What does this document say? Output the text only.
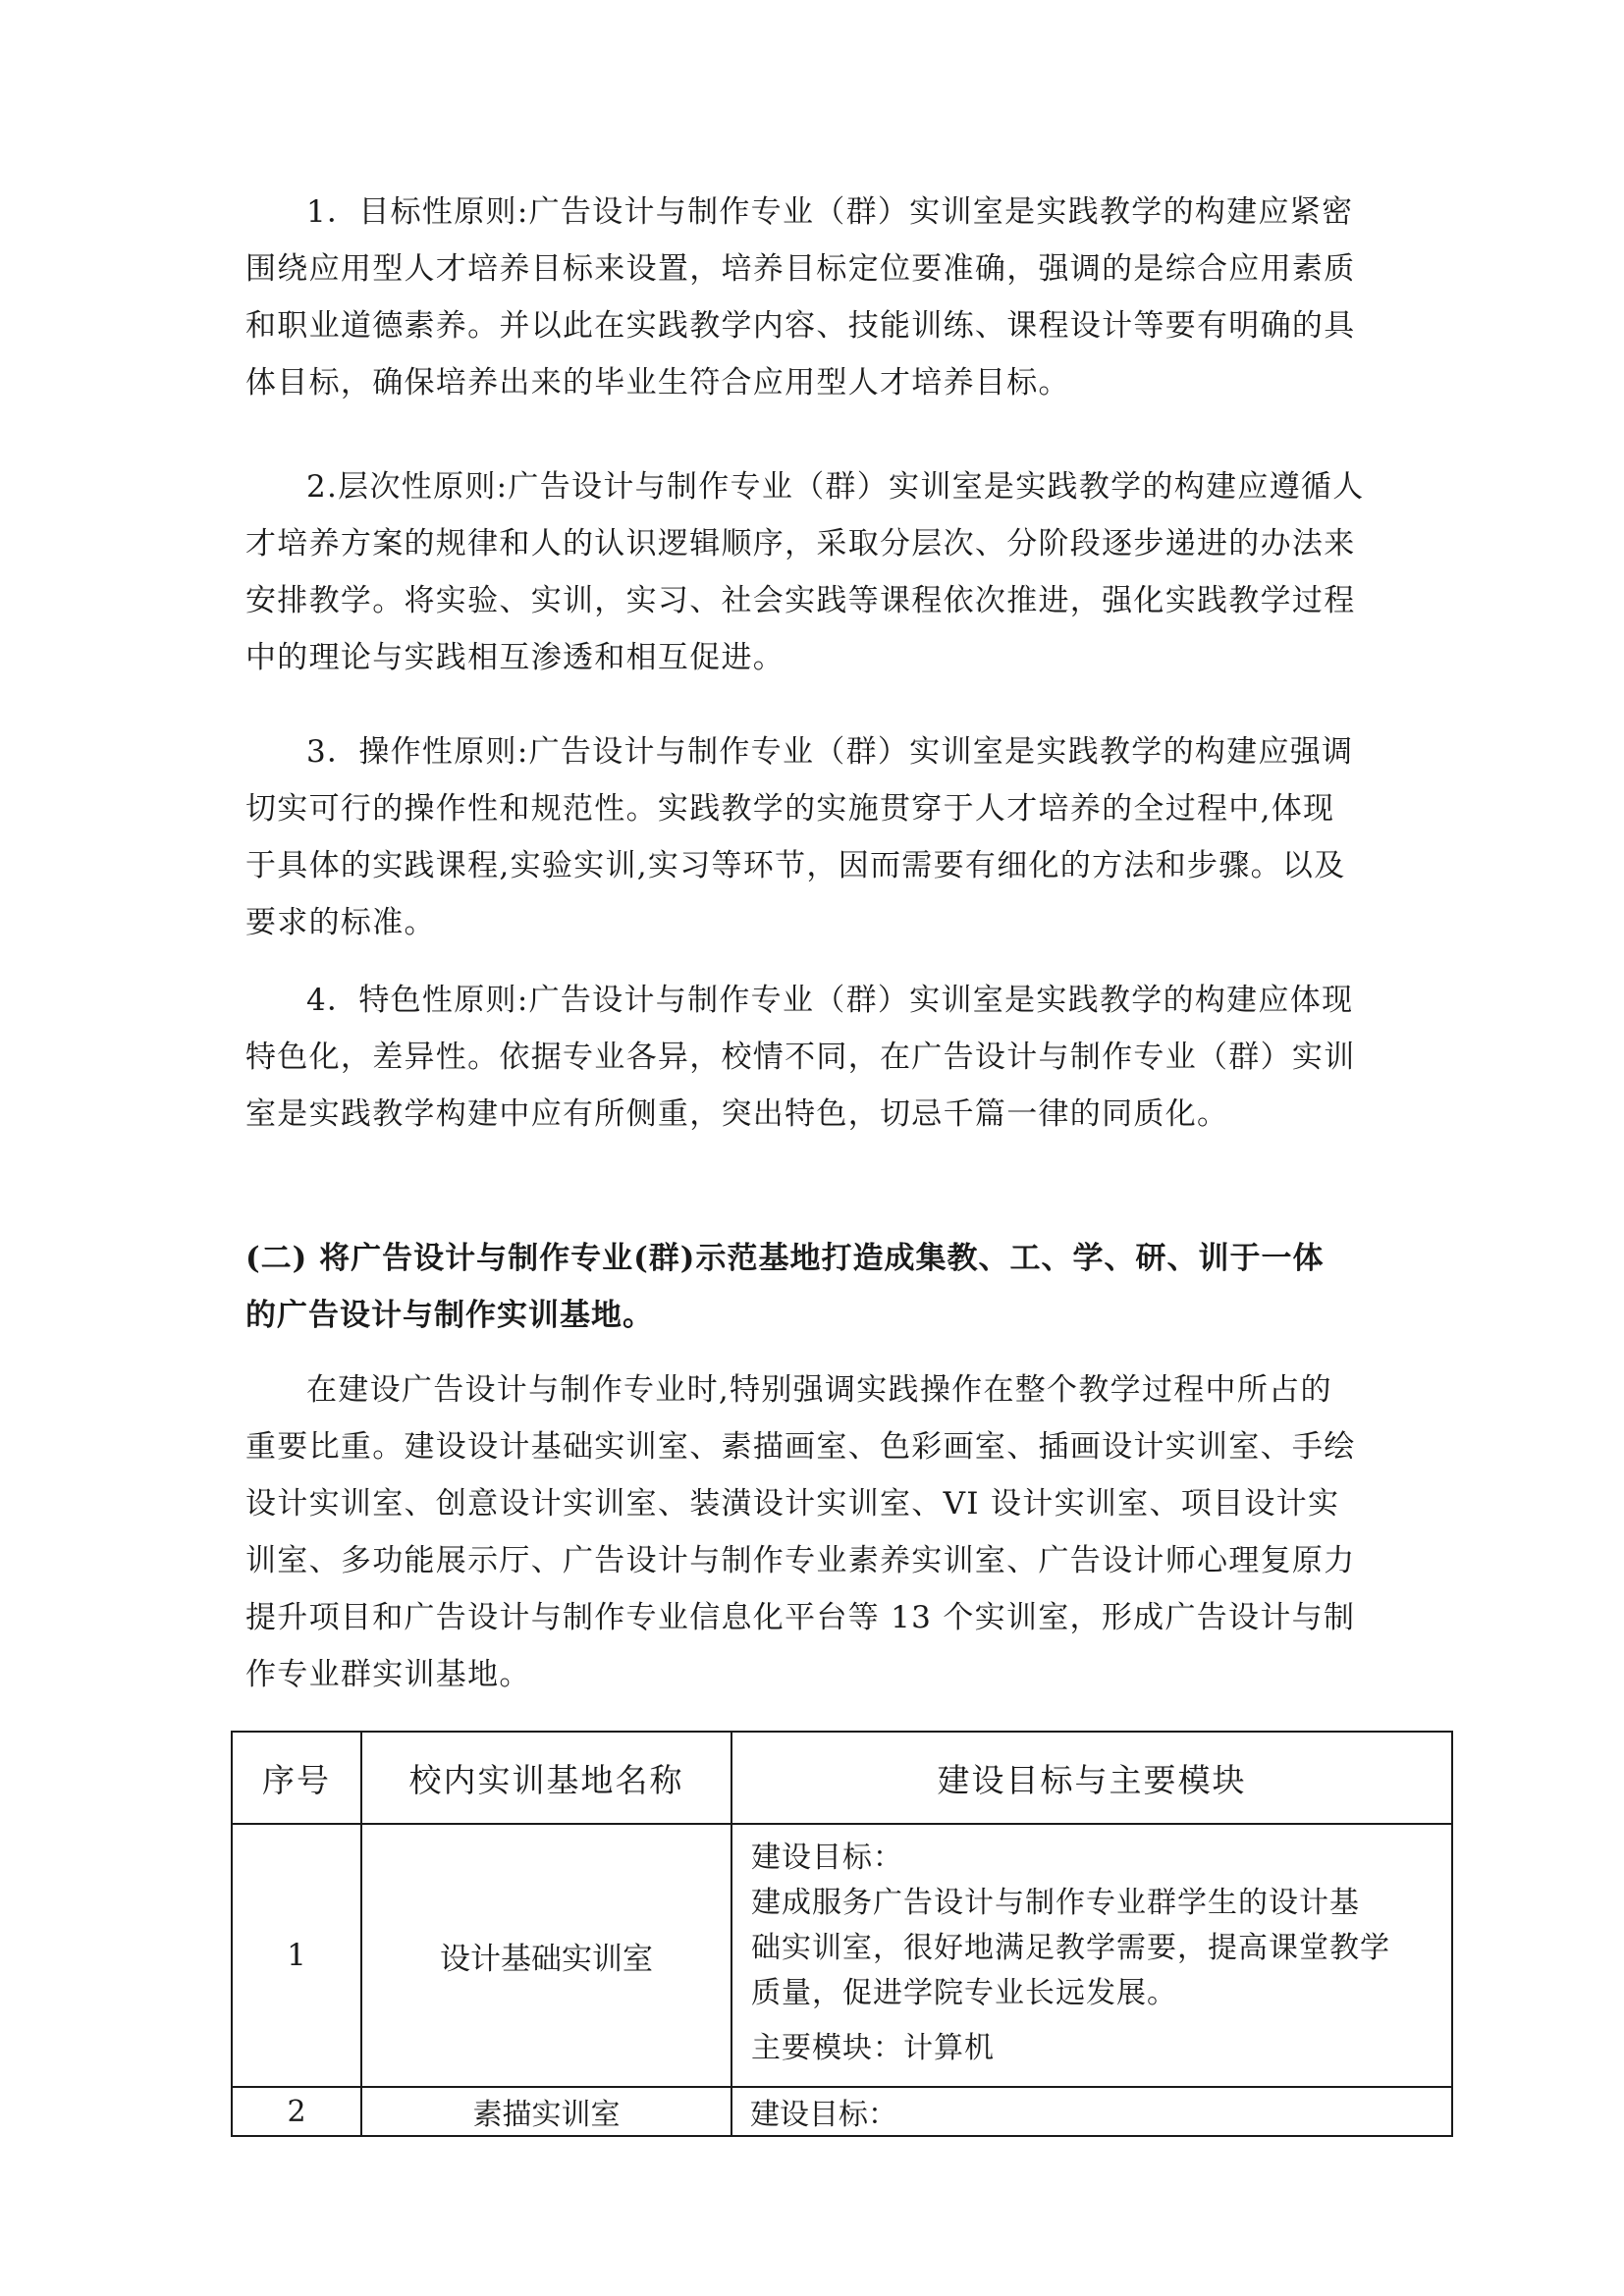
1．目标性原则:广告设计与制作专业（群）实训室是实践教学的构建应紧密
围绕应用型人才培养目标来设置，培养目标定位要准确，强调的是综合应用素质
和职业道德素养。并以此在实践教学内容、技能训练、课程设计等要有明确的具
体目标，确保培养出来的毕业生符合应用型人才培养目标。
2.层次性原则:广告设计与制作专业（群）实训室是实践教学的构建应遵循人
才培养方案的规律和人的认识逻辑顺序，采取分层次、分阶段逐步递进的办法来
安排教学。将实验、实训，实习、社会实践等课程依次推进，强化实践教学过程
中的理论与实践相互渗透和相互促进。
3．操作性原则:广告设计与制作专业（群）实训室是实践教学的构建应强调
切实可行的操作性和规范性。实践教学的实施贯穿于人才培养的全过程中,体现
于具体的实践课程,实验实训,实习等环节，因而需要有细化的方法和步骤。以及
要求的标准。
4．特色性原则:广告设计与制作专业（群）实训室是实践教学的构建应体现
特色化，差异性。依据专业各异，校情不同，在广告设计与制作专业（群）实训
室是实践教学构建中应有所侧重，突出特色，切忌千篇一律的同质化。
(二) 将广告设计与制作专业(群)示范基地打造成集教、工、学、研、训于一体
的广告设计与制作实训基地。
在建设广告设计与制作专业时,特别强调实践操作在整个教学过程中所占的
重要比重。建设设计基础实训室、素描画室、色彩画室、插画设计实训室、手绘
设计实训室、创意设计实训室、装潢设计实训室、VI 设计实训室、项目设计实
训室、多功能展示厅、广告设计与制作专业素养实训室、广告设计师心理复原力
提升项目和广告设计与制作专业信息化平台等 13 个实训室，形成广告设计与制
作专业群实训基地。
序号	校内实训基地名称	建设目标与主要模块
1	设计基础实训室	建设目标：
建成服务广告设计与制作专业群学生的设计基
础实训室，很好地满足教学需要，提高课堂教学
质量，促进学院专业长远发展。
主要模块：计算机

2	素描实训室	建设目标：
